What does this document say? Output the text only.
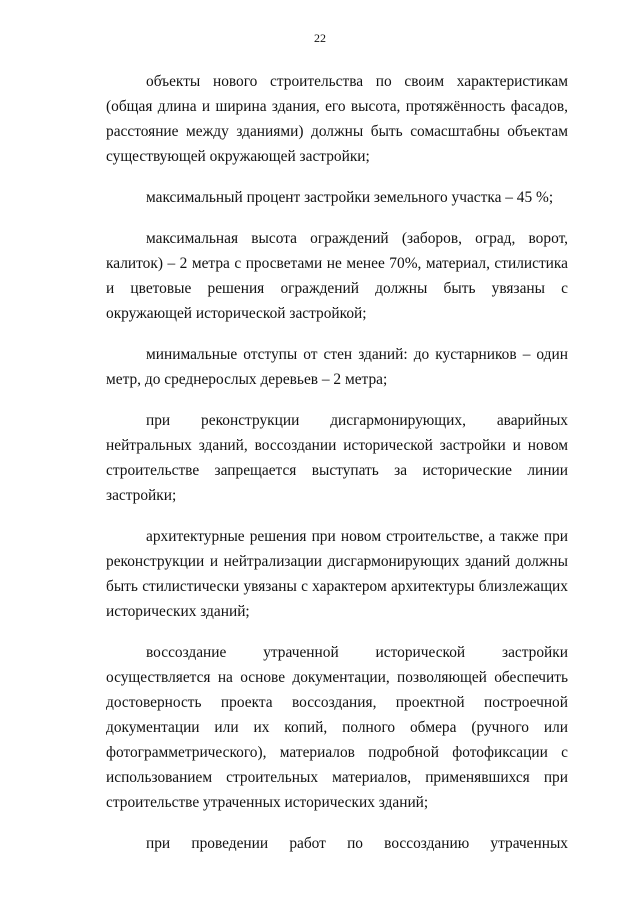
22

объекты нового строительства по своим характеристикам (общая длина и ширина здания, его высота, протяжённость фасадов, расстояние между зданиями) должны быть сомасштабны объектам существующей окружающей застройки;

максимальный процент застройки земельного участка – 45 %;

максимальная высота ограждений (заборов, оград, ворот, калиток) – 2 метра с просветами не менее 70%, материал, стилистика и цветовые решения ограждений должны быть увязаны с окружающей исторической застройкой;

минимальные отступы от стен зданий: до кустарников – один метр, до среднерослых деревьев – 2 метра;

при реконструкции дисгармонирующих, аварийных нейтральных зданий, воссоздании исторической застройки и новом строительстве запрещается выступать за исторические линии застройки;

архитектурные решения при новом строительстве, а также при реконструкции и нейтрализации дисгармонирующих зданий должны быть стилистически увязаны с характером архитектуры близлежащих исторических зданий;

воссоздание утраченной исторической застройки осуществляется на основе документации, позволяющей обеспечить достоверность проекта воссоздания, проектной построечной документации или их копий, полного обмера (ручного или фотограмметрического), материалов подробной фотофиксации с использованием строительных материалов, применявшихся при строительстве утраченных исторических зданий;

при проведении работ по воссозданию утраченных
